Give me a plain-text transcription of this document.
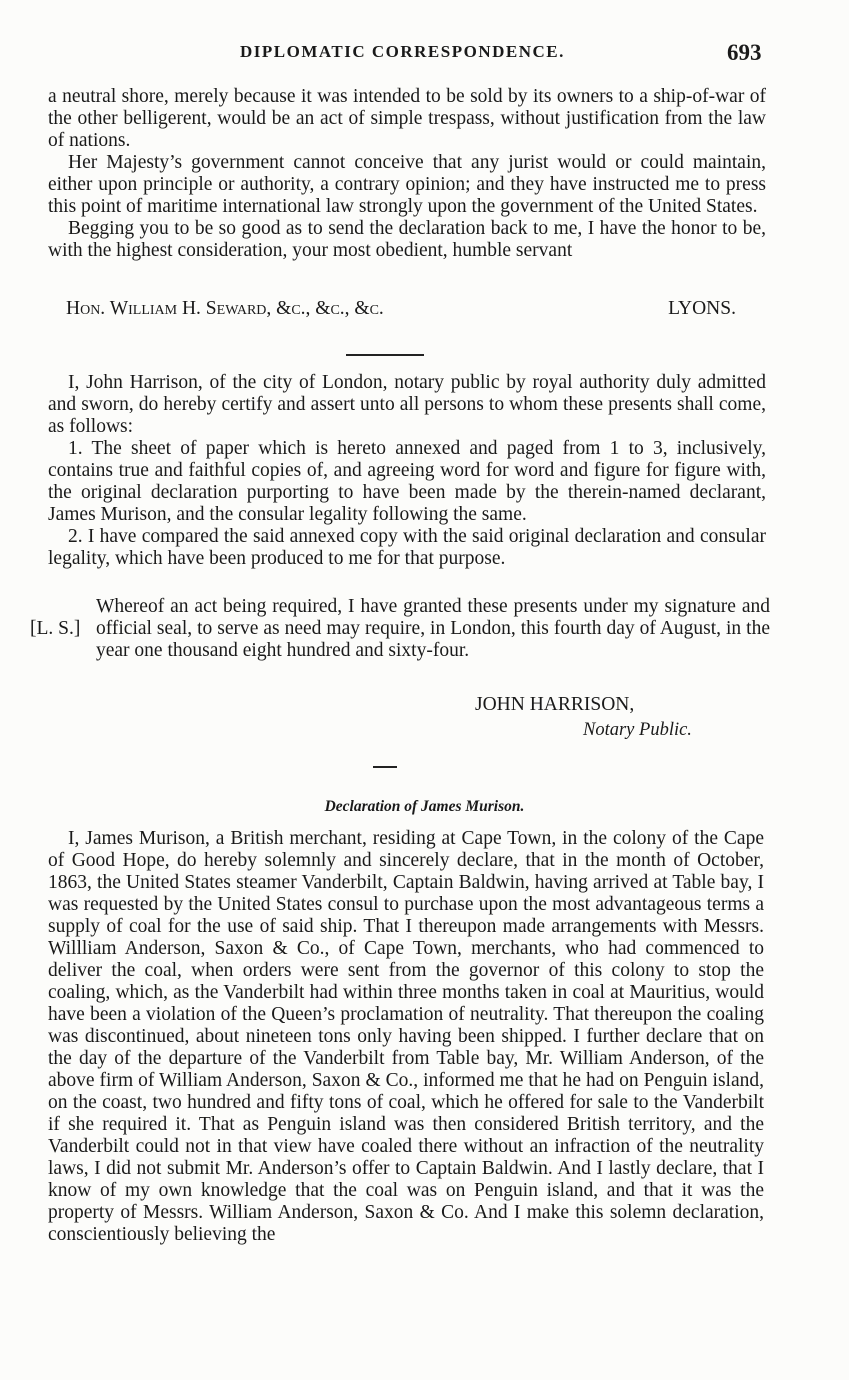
DIPLOMATIC CORRESPONDENCE.	693

a neutral shore, merely because it was intended to be sold by its owners to a ship-of-war of the other belligerent, would be an act of simple trespass, without justification from the law of nations.

Her Majesty’s government cannot conceive that any jurist would or could maintain, either upon principle or authority, a contrary opinion; and they have instructed me to press this point of maritime international law strongly upon the government of the United States.

Begging you to be so good as to send the declaration back to me, I have the honor to be, with the highest consideration, your most obedient, humble servant

Hon. William H. Seward, &c., &c., &c.	LYONS.

I, John Harrison, of the city of London, notary public by royal authority duly admitted and sworn, do hereby certify and assert unto all persons to whom these presents shall come, as follows:

1. The sheet of paper which is hereto annexed and paged from 1 to 3, inclusively, contains true and faithful copies of, and agreeing word for word and figure for figure with, the original declaration purporting to have been made by the therein-named declarant, James Murison, and the consular legality following the same.

2. I have compared the said annexed copy with the said original declaration and consular legality, which have been produced to me for that purpose.

[L. S.]
Whereof an act being required, I have granted these presents under my signature and official seal, to serve as need may require, in London, this fourth day of August, in the year one thousand eight hundred and sixty-four.
JOHN HARRISON,
Notary Public.
Declaration of James Murison.

I, James Murison, a British merchant, residing at Cape Town, in the colony of the Cape of Good Hope, do hereby solemnly and sincerely declare, that in the month of October, 1863, the United States steamer Vanderbilt, Captain Baldwin, having arrived at Table bay, I was requested by the United States consul to purchase upon the most advantageous terms a supply of coal for the use of said ship. That I thereupon made arrangements with Messrs. Willliam Anderson, Saxon & Co., of Cape Town, merchants, who had commenced to deliver the coal, when orders were sent from the governor of this colony to stop the coaling, which, as the Vanderbilt had within three months taken in coal at Mauritius, would have been a violation of the Queen’s proclamation of neutrality. That thereupon the coaling was discontinued, about nineteen tons only having been shipped. I further declare that on the day of the departure of the Vanderbilt from Table bay, Mr. William Anderson, of the above firm of William Anderson, Saxon & Co., informed me that he had on Penguin island, on the coast, two hundred and fifty tons of coal, which he offered for sale to the Vanderbilt if she required it. That as Penguin island was then considered British territory, and the Vanderbilt could not in that view have coaled there without an infraction of the neutrality laws, I did not submit Mr. Anderson’s offer to Captain Baldwin. And I lastly declare, that I know of my own knowledge that the coal was on Penguin island, and that it was the property of Messrs. William Anderson, Saxon & Co. And I make this solemn declaration, conscientiously believing the
